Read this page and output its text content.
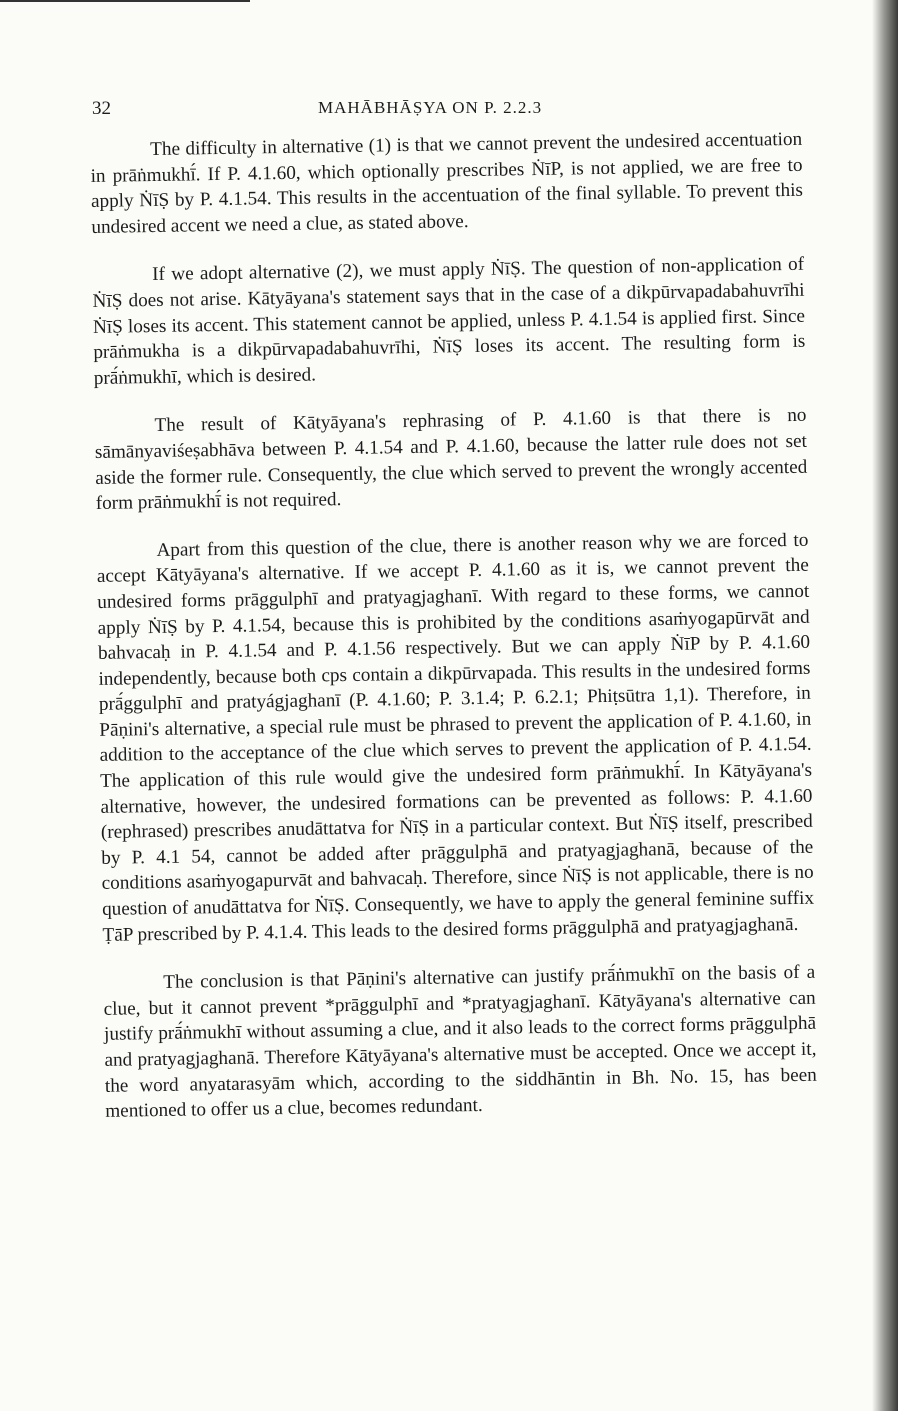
32	MAHĀBHĀṢYA ON P. 2.2.3

The difficulty in alternative (1) is that we cannot prevent the undesired accentuation in prāṅmukhī́. If P. 4.1.60, which optionally prescribes ṄīP, is not applied, we are free to apply ṄīṢ by P. 4.1.54. This results in the accentuation of the final syllable. To prevent this undesired accent we need a clue, as stated above.

If we adopt alternative (2), we must apply ṄīṢ. The question of non-application of ṄīṢ does not arise. Kātyāyana's statement says that in the case of a dikpūrvapadabahuvrīhi ṄīṢ loses its accent. This statement cannot be applied, unless P. 4.1.54 is applied first. Since prāṅmukha is a dikpūrvapadabahuvrīhi, ṄīṢ loses its accent. The resulting form is prā́ṅmukhī, which is desired.

The result of Kātyāyana's rephrasing of P. 4.1.60 is that there is no sāmānyaviśeṣabhāva between P. 4.1.54 and P. 4.1.60, because the latter rule does not set aside the former rule. Consequently, the clue which served to prevent the wrongly accented form prāṅmukhī́ is not required.

Apart from this question of the clue, there is another reason why we are forced to accept Kātyāyana's alternative. If we accept P. 4.1.60 as it is, we cannot prevent the undesired forms prāggulphī and pratyagjaghanī. With regard to these forms, we cannot apply ṄīṢ by P. 4.1.54, because this is prohibited by the conditions asaṁyogapūrvāt and bahvacaḥ in P. 4.1.54 and P. 4.1.56 respectively. But we can apply ṄīP by P. 4.1.60 independently, because both cps contain a dikpūrvapada. This results in the undesired forms prā́ggulphī and pratyágjaghanī (P. 4.1.60; P. 3.1.4; P. 6.2.1; Phiṭsūtra 1,1). Therefore, in Pāṇini's alternative, a special rule must be phrased to prevent the application of P. 4.1.60, in addition to the acceptance of the clue which serves to prevent the application of P. 4.1.54. The application of this rule would give the undesired form prāṅmukhī́. In Kātyāyana's alternative, however, the undesired formations can be prevented as follows: P. 4.1.60 (rephrased) prescribes anudāttatva for ṄīṢ in a particular context. But ṄīṢ itself, prescribed by P. 4.1 54, cannot be added after prāggulphā and pratyagjaghanā, because of the conditions asaṁyogapurvāt and bahvacaḥ. Therefore, since ṄīṢ is not applicable, there is no question of anudāttatva for ṄīṢ. Consequently, we have to apply the general feminine suffix ṬāP prescribed by P. 4.1.4. This leads to the desired forms prāggulphā and pratyagjaghanā.

The conclusion is that Pāṇini's alternative can justify prā́ṅmukhī on the basis of a clue, but it cannot prevent *prāggulphī and *pratyagjaghanī. Kātyāyana's alternative can justify prā́ṅmukhī without assuming a clue, and it also leads to the correct forms prāggulphā and pratyagjaghanā. Therefore Kātyāyana's alternative must be accepted. Once we accept it, the word anyatarasyām which, according to the siddhāntin in Bh. No. 15, has been mentioned to offer us a clue, becomes redundant.
